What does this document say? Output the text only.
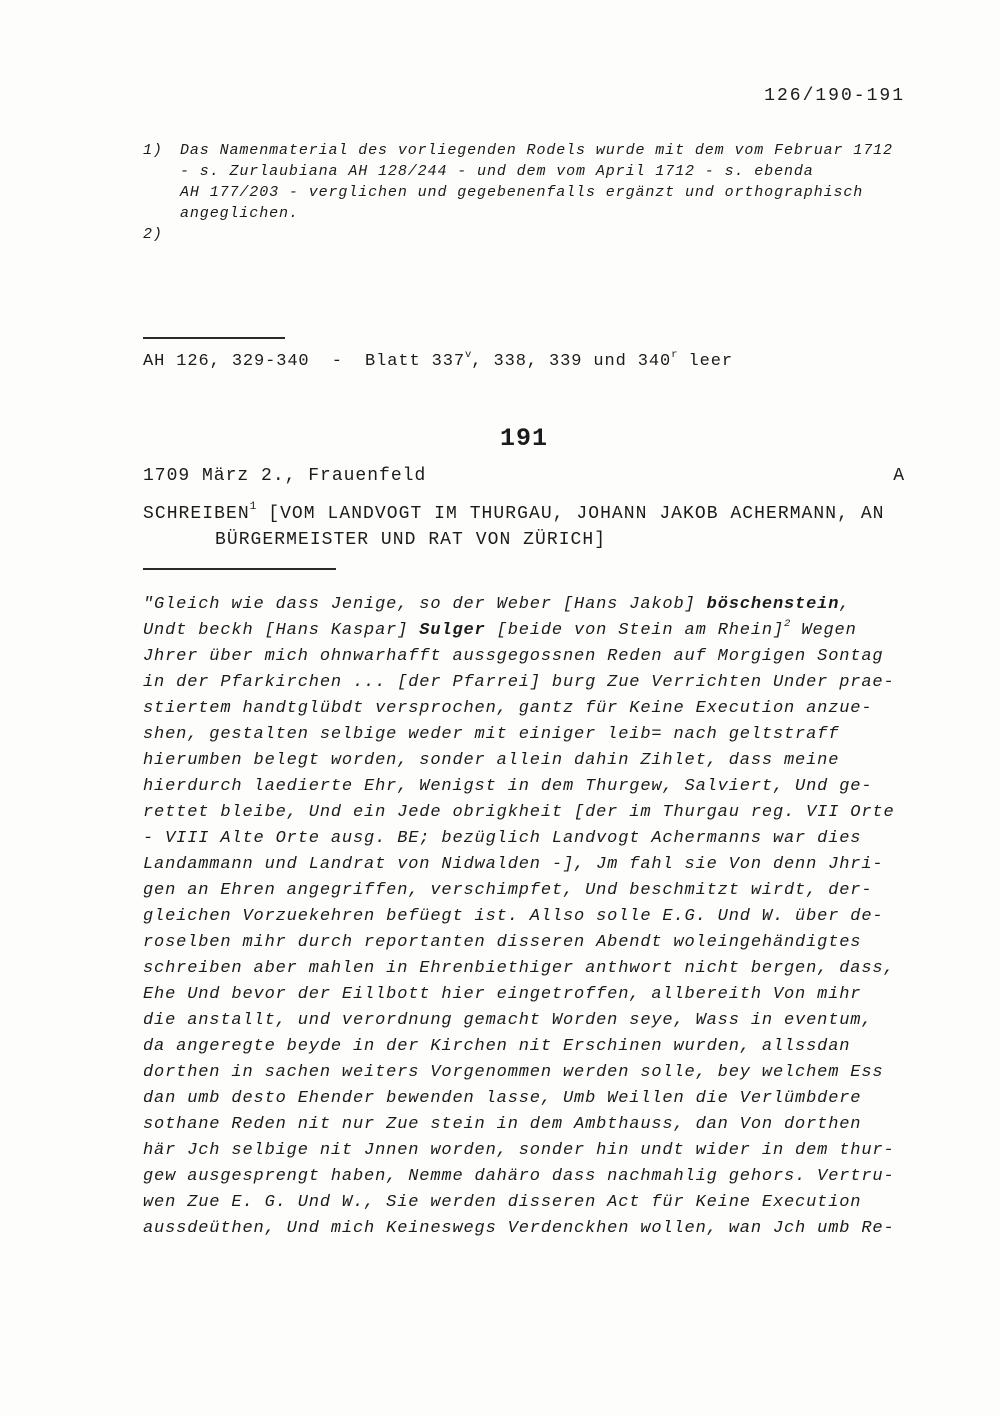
126/190-191
1)	Das Namenmaterial des vorliegenden Rodels wurde mit dem vom Februar 1712
- s. Zurlaubiana AH 128/244 - und dem vom April 1712 - s. ebenda
AH 177/203 - verglichen und gegebenenfalls ergänzt und orthographisch
angeglichen.
2)
AH 126, 329-340  -  Blatt 337$^v$, 338, 339 und 340$^r$ leer
191
1709 März 2., Frauenfeld	A
SCHREIBEN$^1$ [VOM LANDVOGT IM THURGAU, JOHANN JAKOB ACHERMANN, AN
BÜRGERMEISTER UND RAT VON ZÜRICH]
"Gleich wie dass Jenige, so der Weber [Hans Jakob] böschenstein,
Undt beckh [Hans Kaspar] Sulger [beide von Stein am Rhein]$^2$ Wegen
Jhrer über mich ohnwarhafft aussgegossnen Reden auf Morgigen Sontag
in der Pfarkirchen ... [der Pfarrei] burg Zue Verrichten Under prae-
stiertem handtglübdt versprochen, gantz für Keine Execution anzue-
shen, gestalten selbige weder mit einiger leib= nach geltstraff
hierumben belegt worden, sonder allein dahin Zihlet, dass meine
hierdurch laedierte Ehr, Wenigst in dem Thurgew, Salviert, Und ge-
rettet bleibe, Und ein Jede obrigkheit [der im Thurgau reg. VII Orte
- VIII Alte Orte ausg. BE; bezüglich Landvogt Achermanns war dies
Landammann und Landrat von Nidwalden -], Jm fahl sie Von denn Jhri-
gen an Ehren angegriffen, verschimpfet, Und beschmitzt wirdt, der-
gleichen Vorzuekehren befüegt ist. Allso solle E.G. Und W. über de-
roselben mihr durch reportanten disseren Abendt woleingehändigtes
schreiben aber mahlen in Ehrenbiethiger anthwort nicht bergen, dass,
Ehe Und bevor der Eillbott hier eingetroffen, allbereith Von mihr
die anstallt, und verordnung gemacht Worden seye, Wass in eventum,
da angeregte beyde in der Kirchen nit Erschinen wurden, allssdan
dorthen in sachen weiters Vorgenommen werden solle, bey welchem Ess
dan umb desto Ehender bewenden lasse, Umb Weillen die Verlümbdere
sothane Reden nit nur Zue stein in dem Ambthauss, dan Von dorthen
här Jch selbige nit Jnnen worden, sonder hin undt wider in dem thur-
gew ausgesprengt haben, Nemme dahäro dass nachmahlig gehors. Vertru-
wen Zue E. G. Und W., Sie werden disseren Act für Keine Execution
aussdeüthen, Und mich Keineswegs Verdenckhen wollen, wan Jch umb Re-
